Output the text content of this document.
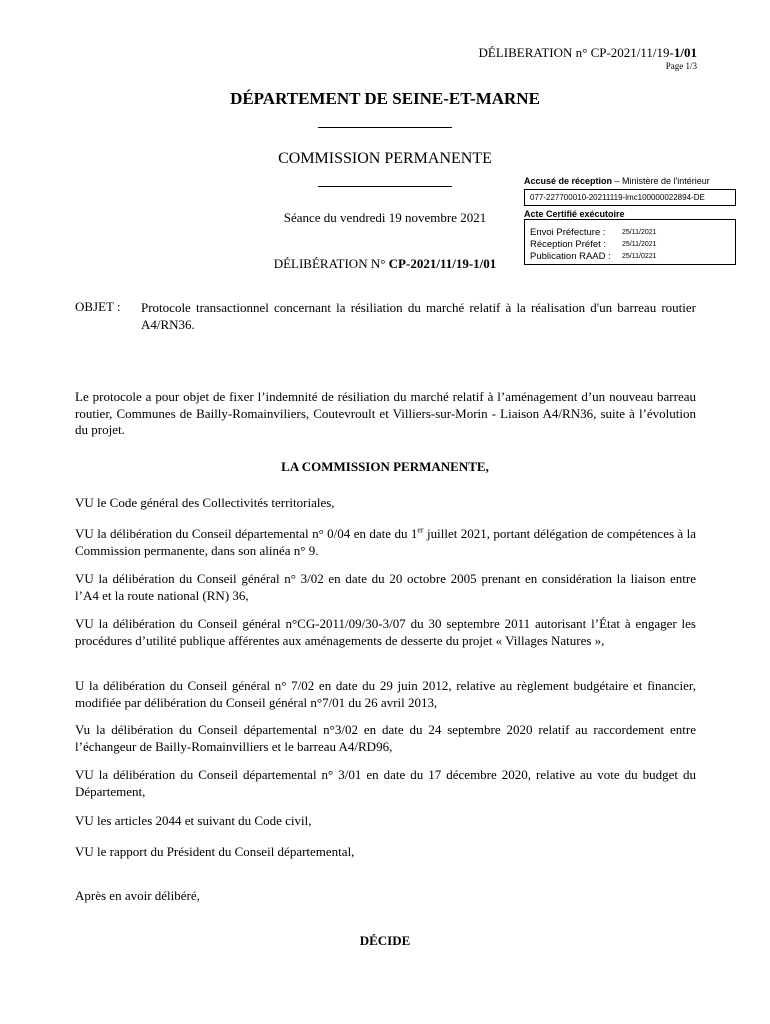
DÉLIBERATION n° CP-2021/11/19-1/01
Page 1/3
DÉPARTEMENT DE SEINE-ET-MARNE
COMMISSION PERMANENTE
Séance du vendredi 19 novembre 2021
DÉLIBÉRATION N° CP-2021/11/19-1/01
Accusé de réception – Ministère de l'intérieur
077-227700010-20211119-lmc100000022894-DE
Acte Certifié exécutoire
Envoi Préfecture :	25/11/2021
Réception Préfet :	25/11/2021
Publication RAAD :	25/11/0221
OBJET : Protocole transactionnel concernant la résiliation du marché relatif à la réalisation d'un barreau routier A4/RN36.
Le protocole a pour objet de fixer l’indemnité de résiliation du marché relatif à l’aménagement d’un nouveau barreau routier, Communes de Bailly-Romainviliers, Coutevroult et Villiers-sur-Morin - Liaison A4/RN36, suite à l’évolution du projet.
LA COMMISSION PERMANENTE,
VU le Code général des Collectivités territoriales,
VU la délibération du Conseil départemental n° 0/04 en date du 1er juillet 2021, portant délégation de compétences à la Commission permanente, dans son alinéa n° 9.
VU la délibération du Conseil général n° 3/02 en date du 20 octobre 2005 prenant en considération la liaison entre l’A4 et la route national (RN) 36,
VU la délibération du Conseil général n°CG-2011/09/30-3/07 du 30 septembre 2011 autorisant l’État à engager les procédures d’utilité publique afférentes aux aménagements de desserte du projet « Villages Natures »,
U la délibération du Conseil général n° 7/02 en date du 29 juin 2012, relative au règlement budgétaire et financier, modifiée par délibération du Conseil général n°7/01 du 26 avril 2013,
Vu la délibération du Conseil départemental n°3/02 en date du 24 septembre 2020 relatif au raccordement entre l’échangeur de Bailly-Romainvilliers et le barreau A4/RD96,
VU la délibération du Conseil départemental n° 3/01 en date du 17 décembre 2020, relative au vote du budget du Département,
VU les articles 2044 et suivant du Code civil,
VU le rapport du Président du Conseil départemental,
Après en avoir délibéré,
DÉCIDE
